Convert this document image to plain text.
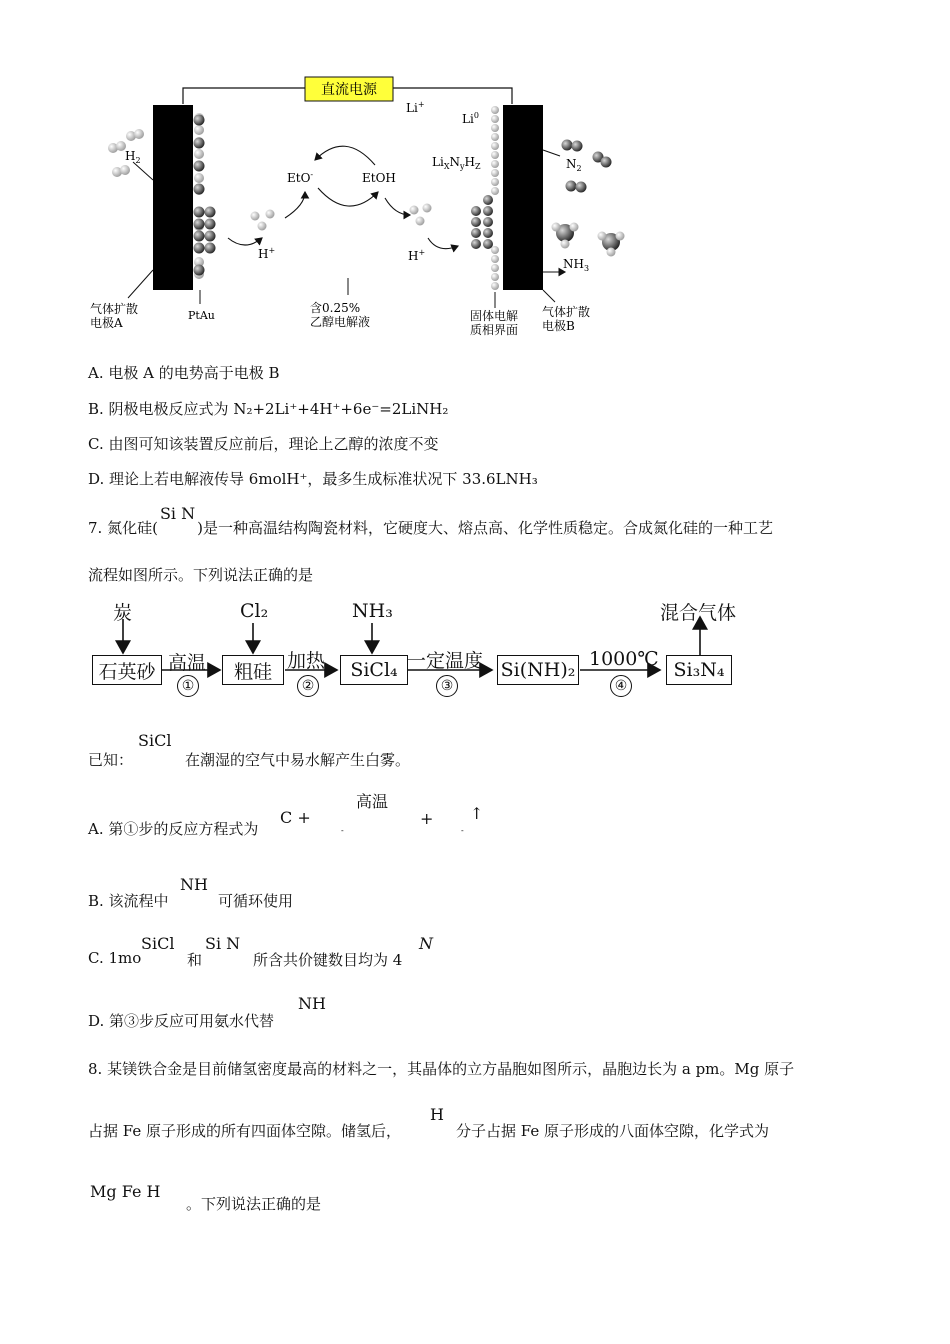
直流电源
Li+
Li$^0$
$Li_XN_yH_Z$
$H_2$	$N_2$
$NH_3$
EtO-	EtOH
H+	H+
气体扩散
电极A
PtAu
含0.25%
乙醇电解液	固体电解
质相界面
气体扩散
电极B
A. 电极 A 的电势高于电极 B
B. 阴极电极反应式为 N₂+2Li⁺+4H⁺+6e⁻=2LiNH₂
C. 由图可知该装置反应前后，理论上乙醇的浓度不变
D. 理论上若电解液传导 6molH⁺，最多生成标准状况下 33.6LNH₃
7. 氮化硅(Si N)是一种高温结构陶瓷材料，它硬度大、熔点高、化学性质稳定。合成氮化硅的一种工艺
流程如图所示。下列说法正确的是
炭	Cl₂	NH₃	混合气体
石英砂	粗硅	SiCl₄	Si(NH)₂	Si₃N₄
高温	加热	一定温度	1000℃
①	②	③	④
已知：
SiCl
在潮湿的空气中易水解产生白雾。
A. 第①步的反应方程式为
C +
高温
-
+
-
↑
B. 该流程中
NH
可循环使用
C. 1mo
SiCl
和
Si N
所含共价键数目均为 4
N
D. 第③步反应可用氨水代替
NH
8. 某镁铁合金是目前储氢密度最高的材料之一，其晶体的立方晶胞如图所示，晶胞边长为 a pm。Mg 原子
占据 Fe 原子形成的所有四面体空隙。储氢后，
H
分子占据 Fe 原子形成的八面体空隙，化学式为
Mg Fe H
。下列说法正确的是
